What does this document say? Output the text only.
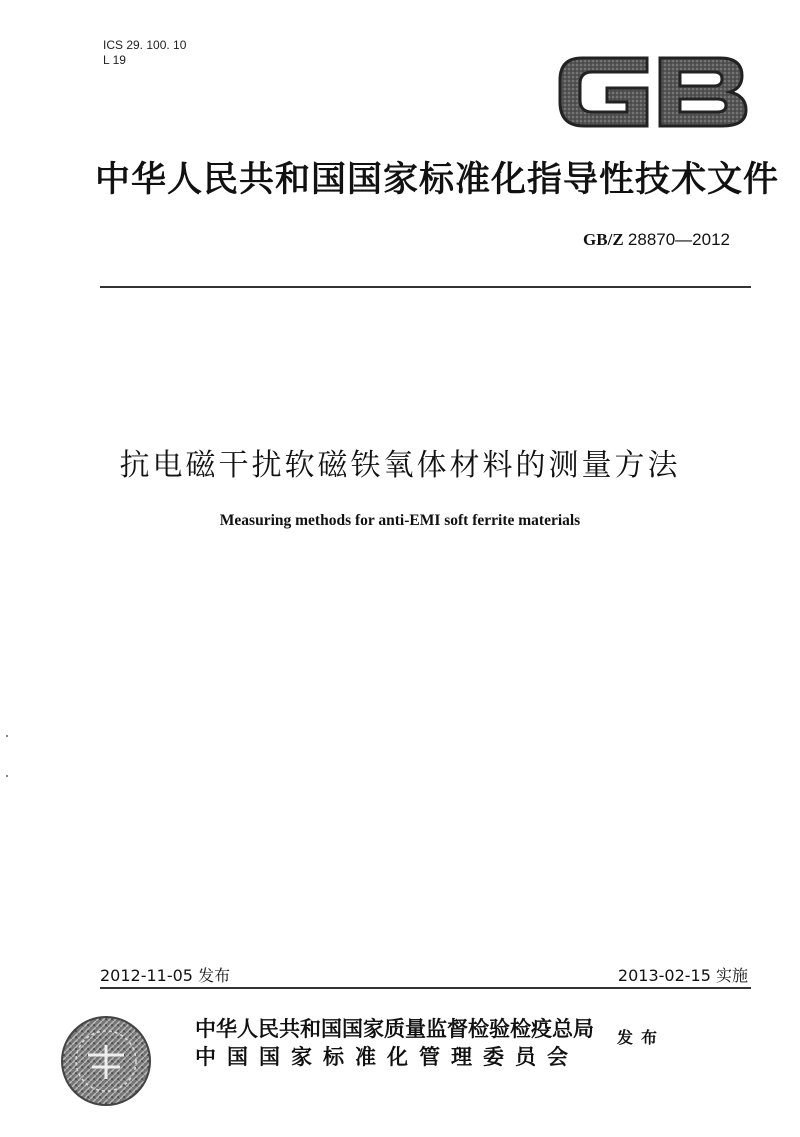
ICS 29. 100. 10
L 19
中华人民共和国国家标准化指导性技术文件
GB/Z 28870—2012
抗电磁干扰软磁铁氧体材料的测量方法
Measuring methods for anti-EMI soft ferrite materials
2012-11-05 发布	2013-02-15 实施
中华人民共和国国家质量监督检验检疫总局
中国国家标准化管理委员会
发布
